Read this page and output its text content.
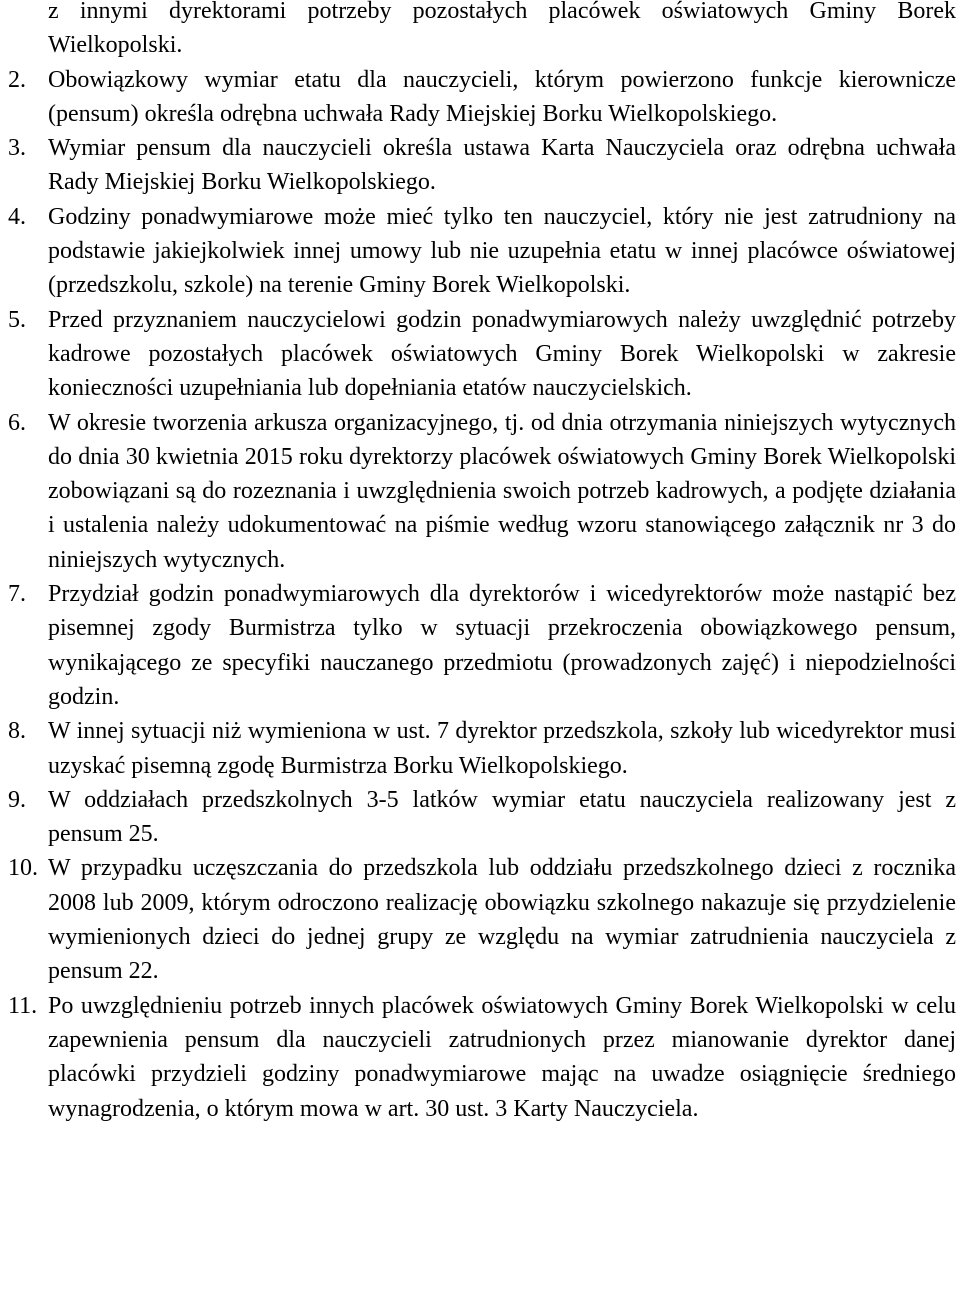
z innymi dyrektorami potrzeby pozostałych placówek oświatowych Gminy Borek Wielkopolski.

2. Obowiązkowy wymiar etatu dla nauczycieli, którym powierzono funkcje kierownicze (pensum) określa odrębna uchwała Rady Miejskiej Borku Wielkopolskiego.
3. Wymiar pensum dla nauczycieli określa ustawa Karta Nauczyciela oraz odrębna uchwała Rady Miejskiej Borku Wielkopolskiego.
4. Godziny ponadwymiarowe może mieć tylko ten nauczyciel, który nie jest zatrudniony na podstawie jakiejkolwiek innej umowy lub nie uzupełnia etatu w innej placówce oświatowej (przedszkolu, szkole) na terenie Gminy Borek Wielkopolski.
5. Przed przyznaniem nauczycielowi godzin ponadwymiarowych należy uwzględnić potrzeby kadrowe pozostałych placówek oświatowych Gminy Borek Wielkopolski w zakresie konieczności uzupełniania lub dopełniania etatów nauczycielskich.
6. W okresie tworzenia arkusza organizacyjnego, tj. od dnia otrzymania niniejszych wytycznych do dnia 30 kwietnia 2015 roku dyrektorzy placówek oświatowych Gminy Borek Wielkopolski zobowiązani są do rozeznania i uwzględnienia swoich potrzeb kadrowych, a podjęte działania i ustalenia należy udokumentować na piśmie według wzoru stanowiącego załącznik nr 3 do niniejszych wytycznych.
7. Przydział godzin ponadwymiarowych dla dyrektorów i wicedyrektorów może nastąpić bez pisemnej zgody Burmistrza tylko w sytuacji przekroczenia obowiązkowego pensum, wynikającego ze specyfiki nauczanego przedmiotu (prowadzonych zajęć) i niepodzielności godzin.
8. W innej sytuacji niż wymieniona w ust. 7 dyrektor przedszkola, szkoły lub wicedyrektor musi uzyskać pisemną zgodę Burmistrza Borku Wielkopolskiego.
9. W oddziałach przedszkolnych 3-5 latków wymiar etatu nauczyciela realizowany jest z pensum 25.
10. W przypadku uczęszczania do przedszkola lub oddziału przedszkolnego dzieci z rocznika 2008 lub 2009, którym odroczono realizację obowiązku szkolnego nakazuje się przydzielenie wymienionych dzieci do jednej grupy ze względu na wymiar zatrudnienia nauczyciela z pensum 22.
11. Po uwzględnieniu potrzeb innych placówek oświatowych Gminy Borek Wielkopolski w celu zapewnienia pensum dla nauczycieli zatrudnionych przez mianowanie dyrektor danej placówki przydzieli godziny ponadwymiarowe mając na uwadze osiągnięcie średniego wynagrodzenia, o którym mowa w art. 30 ust. 3 Karty Nauczyciela.
